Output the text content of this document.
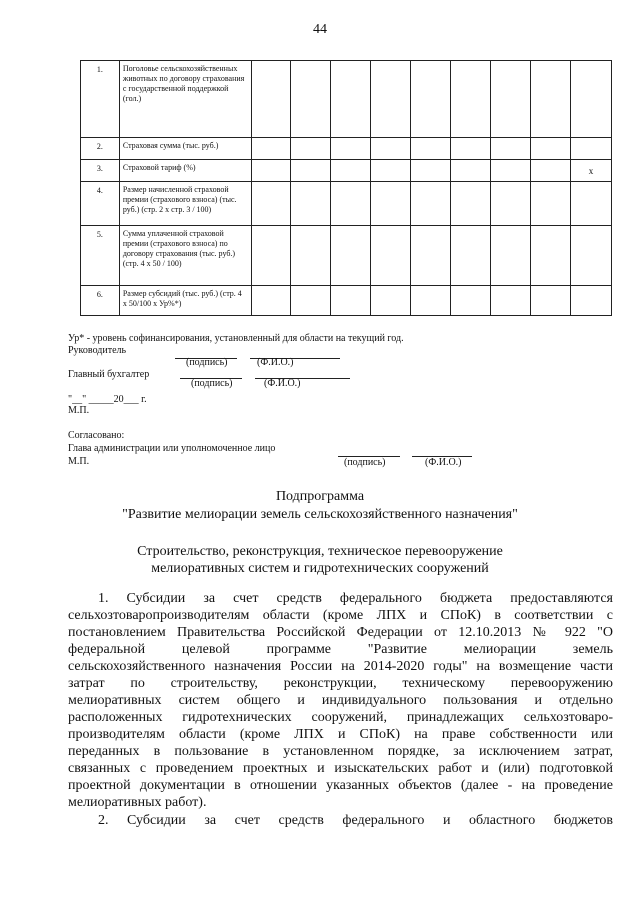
44
1.	Поголовье сельскохозяйственных животных по договору страхования с государственной поддержкой (гол.)									
2.	Страховая сумма (тыс. руб.)									
3.	Страховой тариф (%)									х
4.	Размер начисленной страховой премии (страхового взноса) (тыс. руб.) (стр. 2 х стр. 3 / 100)									
5.	Сумма уплаченной страховой премии (страхового взноса) по договору страхования (тыс. руб.) (стр. 4 х 50 / 100)									
6.	Размер субсидий (тыс. руб.) (стр. 4 х 50/100 х Ур%*)									
Ур* - уровень софинансирования, установленный для области на текущий год.
Руководитель
(подпись)	(Ф.И.О.)
Главный бухгалтер
(подпись)	(Ф.И.О.)
"__" _____20___ г.
М.П.
Согласовано:
Глава администрации или уполномоченное лицо
М.П.	(подпись)	(Ф.И.О.)
Подпрограмма
"Развитие мелиорации земель сельскохозяйственного назначения"
Строительство, реконструкция, техническое перевооружение
мелиоративных систем и гидротехнических сооружений
1. Субсидии за счет средств федерального бюджета предоставляются
сельхозтоваропроизводителям области (кроме ЛПХ и СПоК) в соответствии с
постановлением Правительства Российской Федерации от 12.10.2013 № 922 "О
федеральной целевой программе "Развитие мелиорации земель
сельскохозяйственного назначения России на 2014-2020 годы" на возмещение части
затрат по строительству, реконструкции, техническому перевооружению
мелиоративных систем общего и индивидуального пользования и отдельно
расположенных гидротехнических сооружений, принадлежащих сельхозтоваро-
производителям области (кроме ЛПХ и СПоК) на праве собственности или
переданных в пользование в установленном порядке, за исключением затрат,
связанных с проведением проектных и изыскательских работ и (или) подготовкой
проектной документации в отношении указанных объектов (далее - на проведение
мелиоративных работ).
2. Субсидии за счет средств федерального и областного бюджетов
